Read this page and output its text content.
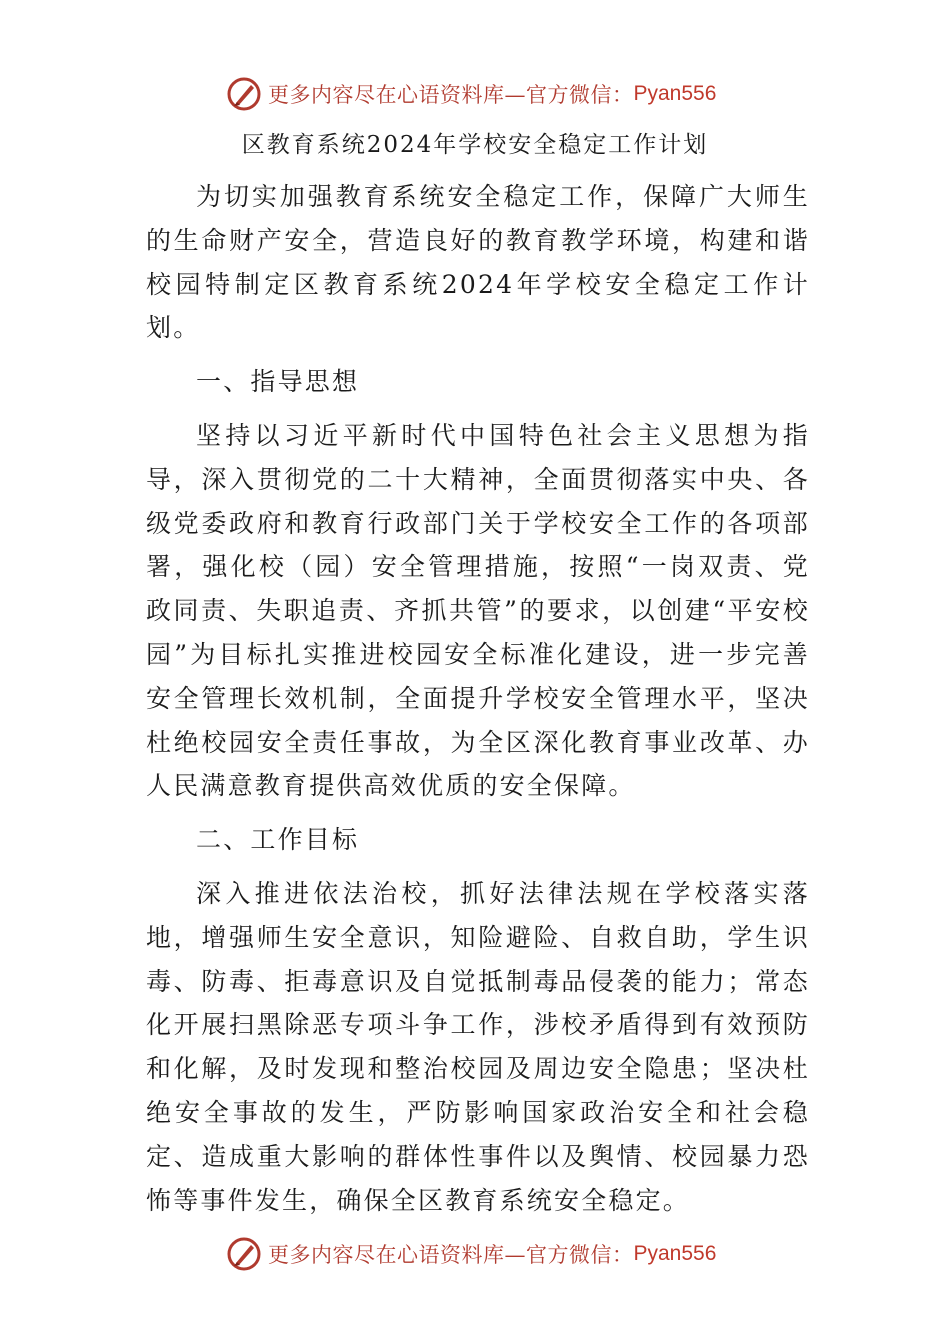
更多内容尽在心语资料库—官方微信： Pyan556
区教育系统2024年学校安全稳定工作计划

为切实加强教育系统安全稳定工作，保障广大师生的生命财产安全，营造良好的教育教学环境，构建和谐校园特制定区教育系统2024年学校安全稳定工作计划。

一、指导思想

坚持以习近平新时代中国特色社会主义思想为指导，深入贯彻党的二十大精神，全面贯彻落实中央、各级党委政府和教育行政部门关于学校安全工作的各项部署，强化校（园）安全管理措施，按照“一岗双责、党政同责、失职追责、齐抓共管”的要求，以创建“平安校园”为目标扎实推进校园安全标准化建设，进一步完善安全管理长效机制，全面提升学校安全管理水平，坚决杜绝校园安全责任事故，为全区深化教育事业改革、办人民满意教育提供高效优质的安全保障。

二、工作目标

深入推进依法治校，抓好法律法规在学校落实落地，增强师生安全意识，知险避险、自救自助，学生识毒、防毒、拒毒意识及自觉抵制毒品侵袭的能力；常态化开展扫黑除恶专项斗争工作，涉校矛盾得到有效预防和化解，及时发现和整治校园及周边安全隐患；坚决杜绝安全事故的发生，严防影响国家政治安全和社会稳定、造成重大影响的群体性事件以及舆情、校园暴力恐怖等事件发生，确保全区教育系统安全稳定。

更多内容尽在心语资料库—官方微信： Pyan556
